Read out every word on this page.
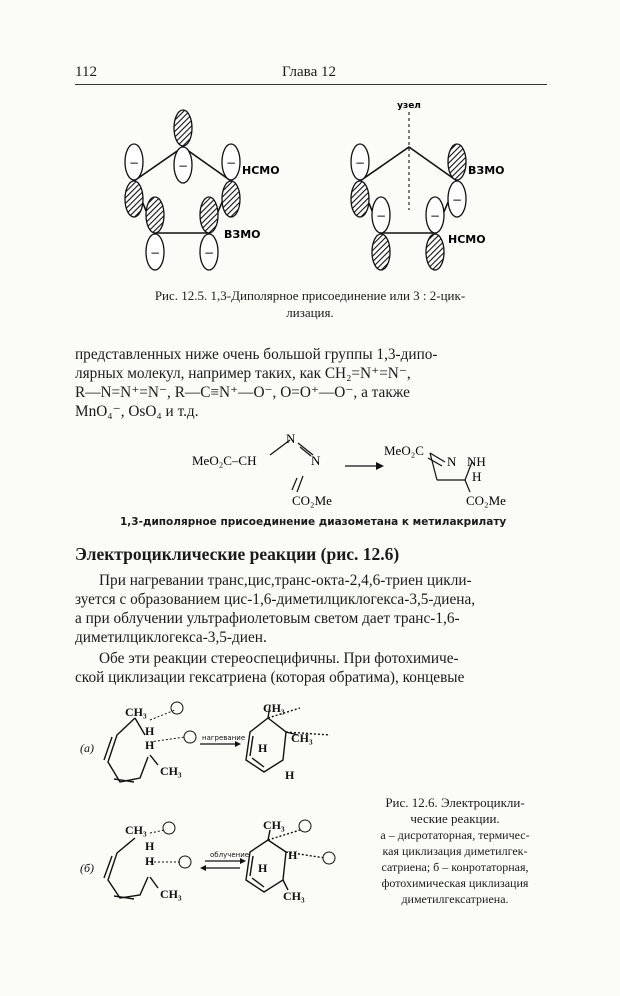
112	Глава 12
−	−
−
−	−
НСМО
ВЗМО
узел
−
−
−	−
ВЗМО
НСМО
Рис. 12.5. 1,3-Диполярное присоединение или 3 : 2-цик-
лизация.

представленных ниже очень большой группы 1,3-дипо-

лярных молекул, например таких, как CH₂=N⁺=N⁻,

R—N=N⁺=N⁻, R—C≡N⁺—O⁻, O=O⁺—O⁻, а также

MnO₄⁻, OsO₄ и т.д.

MeO₂C–CH
N
N
CO₂Me
MeO₂C
N NH
H
CO₂Me
1,3-диполярное присоединение диазометана к метилакрилату
Электроциклические реакции (рис. 12.6)

При нагревании транс,цис,транс-окта-2,4,6-триен цикли-

зуется с образованием цис-1,6-диметилциклогекса-3,5-диена,

а при облучении ультрафиолетовым светом дает транс-1,6-

диметилциклогекса-3,5-диен.

Обе эти реакции стереоспецифичны. При фотохимиче-

ской циклизации гексатриена (которая обратима), концевые

(а)
(б)
CH₃
H
H
CH₃
нагревание
CH₃
CH₃
H
H
CH₃
H
H
CH₃
облучение
CH₃
CH₃
H
H
Рис. 12.6. Электроцикли-
ческие реакции.
а – дисротаторная, термичес-
кая циклизация диметилгек-
сатриена; б – конротаторная,
фотохимическая циклизация
диметилгексатриена.
